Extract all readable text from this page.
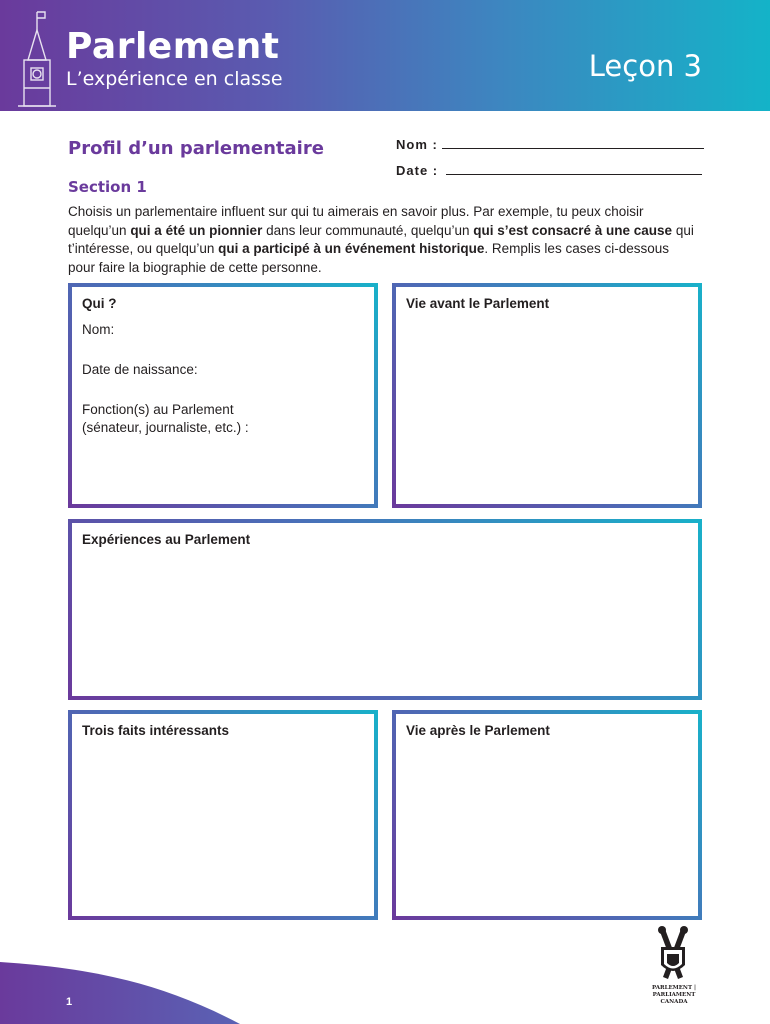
Parlement
L’expérience en classe	Leçon 3
Profil d’un parlementaire	Nom :
Date :
Section 1

Choisis un parlementaire influent sur qui tu aimerais en savoir plus. Par exemple, tu peux choisir quelqu’un qui a été un pionnier dans leur communauté, quelqu’un qui s’est consacré à une cause qui t’intéresse, ou quelqu’un qui a participé à un événement historique. Remplis les cases ci-dessous pour faire la biographie de cette personne.

Qui ?
Nom:
Date de naissance:
Fonction(s) au Parlement
(sénateur, journaliste, etc.) :
Vie avant le Parlement
Expériences au Parlement
Trois faits intéressants	Vie après le Parlement
1
PARLEMENT | PARLIAMENT
CANADA
